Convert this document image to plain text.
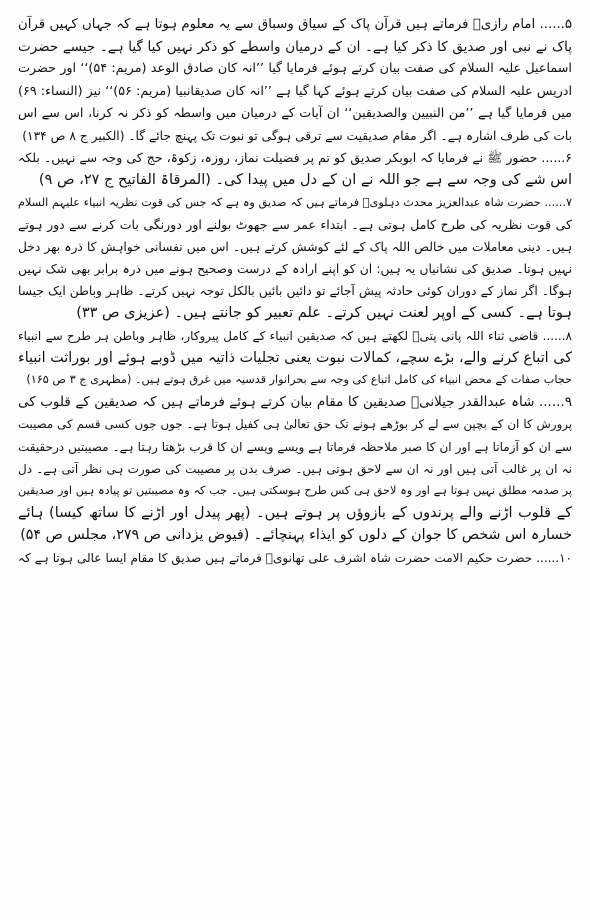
۵...... امام رازیؒ فرماتے ہیں قرآن پاک کے سیاق وسباق سے یہ معلوم ہوتا ہے کہ جہاں کہیں قرآن
پاک نے نبی اور صدیق کا ذکر کیا ہے۔ ان کے درمیان واسطے کو ذکر نہیں کیا گیا ہے۔ جیسے حضرت
اسماعیل علیہ السلام کی صفت بیان کرتے ہوئے فرمایا گیا ’’انہ کان صادق الوعد (مریم: ۵۴)‘‘ اور حضرت
ادریس علیہ السلام کی صفت بیان کرتے ہوئے کہا گیا ہے ’’انہ کان صدیقانبیا (مریم: ۵۶)‘‘ نیز (النساء: ۶۹)
میں فرمایا گیا ہے ’’من النبیین والصدیقین‘‘ ان آیات کے درمیان میں واسطہ کو ذکر نہ کرنا، اس سے اس
بات کی طرف اشارہ ہے۔ اگر مقام صدیقیت سے ترقی ہوگی تو نبوت تک پہنچ جائے گا۔ (الکبیر ج ۸ ص ۱۳۴)
۶...... حضور ﷺ نے فرمایا کہ ابوبکر صدیق کو تم پر فضیلت نماز، روزہ، زکوۃ، حج کی وجہ سے نہیں۔ بلکہ
اس شے کی وجہ سے ہے جو اللہ نے ان کے دل میں پیدا کی۔ (المرقاۃ الفاتیح ج ۲۷، ص ۹)
۷...... حضرت شاہ عبدالعزیز محدث دہلویؒ فرماتے ہیں کہ صدیق وہ ہے کہ جس کی قوت نظریہ انبیاء علیہم السلام
کی قوت نظریہ کی طرح کامل ہوتی ہے۔ ابتداء عمر سے جھوٹ بولنے اور دورنگی بات کرنے سے دور ہوتے
ہیں۔ دینی معاملات میں خالص اللہ پاک کے لئے کوشش کرتے ہیں۔ اس میں نفسانی خواہش کا ذرہ بھر دخل
نہیں ہوتا۔ صدیق کی نشانیاں یہ ہیں: ان کو اپنے ارادہ کے درست وصحیح ہونے میں ذرہ برابر بھی شک نہیں
ہوگا۔ اگر نماز کے دوران کوئی حادثہ پیش آجائے تو دائیں بائیں بالکل توجہ نہیں کرتے۔ ظاہر وباطن ایک جیسا
ہوتا ہے۔ کسی کے اوپر لعنت نہیں کرتے۔ علم تعبیر کو جانتے ہیں۔ (عزیزی ص ۳۳)
۸...... قاضی ثناء اللہ پانی پتیؒ لکھتے ہیں کہ صدیقین انبیاء کے کامل پیروکار، ظاہر وباطن ہر طرح سے انبیاء
کی اتباع کرنے والے، بڑے سچے، کمالات نبوت یعنی تجلیات ذاتیہ میں ڈوبے ہوئے اور بوراثت انبیاء
حجاب صفات کے محض انبیاء کی کامل اتباع کی وجہ سے بحرانوار قدسیہ میں غرق ہوتے ہیں۔ (مظہری ج ۳ ص ۱۶۵)
۹...... شاہ عبدالقدر جیلانیؒ صدیقین کا مقام بیان کرتے ہوئے فرماتے ہیں کہ صدیقین کے قلوب کی
پرورش کا ان کے بچپن سے لے کر بوڑھے ہونے تک حق تعالیٰ ہی کفیل ہوتا ہے۔ جوں جوں کسی قسم کی مصیبت
سے ان کو آزماتا ہے اور ان کا صبر ملاحظہ فرماتا ہے ویسے ویسے ان کا قرب بڑھتا رہتا ہے۔ مصیبتیں درحقیقت
نہ ان پر غالب آتی ہیں اور نہ ان سے لاحق ہوتی ہیں۔ صرف بدن پر مصیبت کی صورت ہی نظر آتی ہے۔ دل
پر صدمہ مطلق نہیں ہوتا ہے اور وہ لاحق ہی کس طرح ہوسکتی ہیں۔ جب کہ وہ مصیبتیں تو پیادہ ہیں اور صدیقین
کے قلوب اڑنے والے پرندوں کے بازوؤں پر ہوتے ہیں۔ (پھر پیدل اور اڑنے کا ساتھ کیسا) ہائے
خسارہ اس شخص کا جوان کے دلوں کو ایذاء پہنچائے۔ (فیوض یزدانی ص ۲۷۹، مجلس ص ۵۴)
۱۰...... حضرت حکیم الامت حضرت شاہ اشرف علی تھانویؒ فرماتے ہیں صدیق کا مقام ایسا عالی ہوتا ہے کہ
